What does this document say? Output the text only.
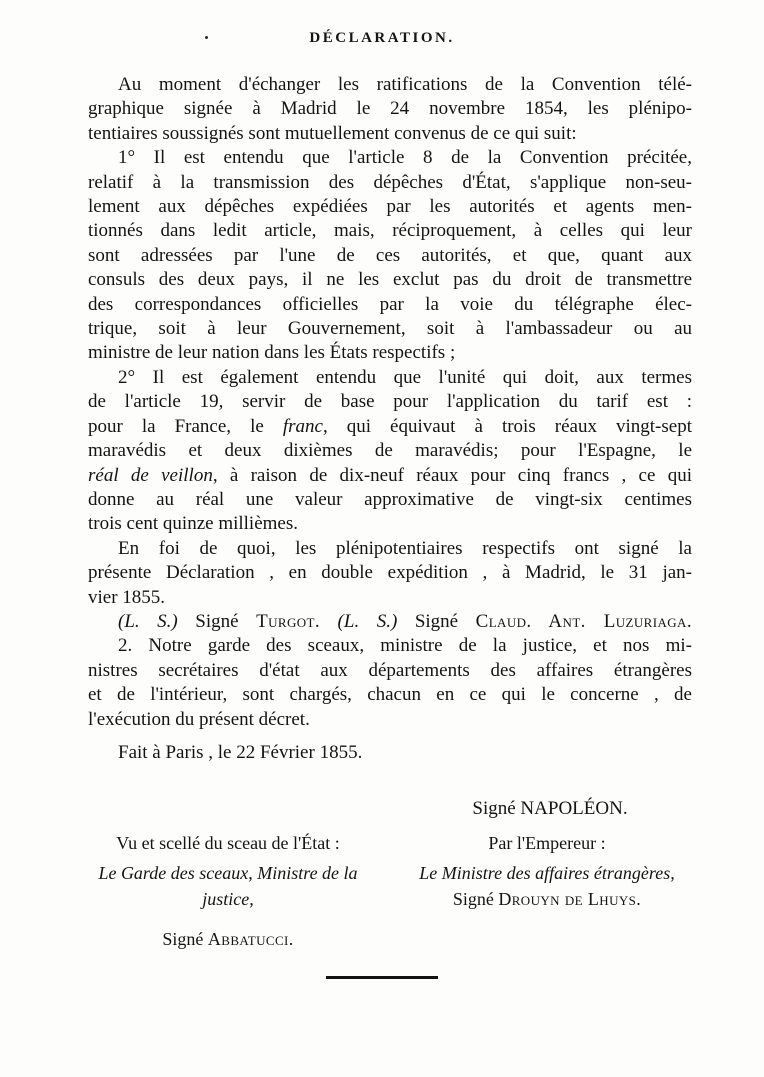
DÉCLARATION.
Au moment d'échanger les ratifications de la Convention télé-
graphique signée à Madrid le 24 novembre 1854, les plénipo-
tentiaires soussignés sont mutuellement convenus de ce qui suit:
1° Il est entendu que l'article 8 de la Convention précitée,
relatif à la transmission des dépêches d'État, s'applique non-seu-
lement aux dépêches expédiées par les autorités et agents men-
tionnés dans ledit article, mais, réciproquement, à celles qui leur
sont adressées par l'une de ces autorités, et que, quant aux
consuls des deux pays, il ne les exclut pas du droit de transmettre
des correspondances officielles par la voie du télégraphe élec-
trique, soit à leur Gouvernement, soit à l'ambassadeur ou au
ministre de leur nation dans les États respectifs ;
2° Il est également entendu que l'unité qui doit, aux termes
de l'article 19, servir de base pour l'application du tarif est :
pour la France, le franc, qui équivaut à trois réaux vingt-sept
maravédis et deux dixièmes de maravédis; pour l'Espagne, le
réal de veillon, à raison de dix-neuf réaux pour cinq francs , ce qui
donne au réal une valeur approximative de vingt-six centimes
trois cent quinze millièmes.
En foi de quoi, les plénipotentiaires respectifs ont signé la
présente Déclaration , en double expédition , à Madrid, le 31 jan-
vier 1855.
(L. S.) Signé Turgot. (L. S.) Signé Claud. Ant. Luzuriaga.
2. Notre garde des sceaux, ministre de la justice, et nos mi-
nistres secrétaires d'état aux départements des affaires étrangères
et de l'intérieur, sont chargés, chacun en ce qui le concerne , de
l'exécution du présent décret.
Fait à Paris , le 22 Février 1855.
Signé NAPOLÉON.
Vu et scellé du sceau de l'État :
Le Garde des sceaux, Ministre de la
justice,
Signé Abbatucci.
Par l'Empereur :
Le Ministre des affaires étrangères,
Signé Drouyn de Lhuys.
